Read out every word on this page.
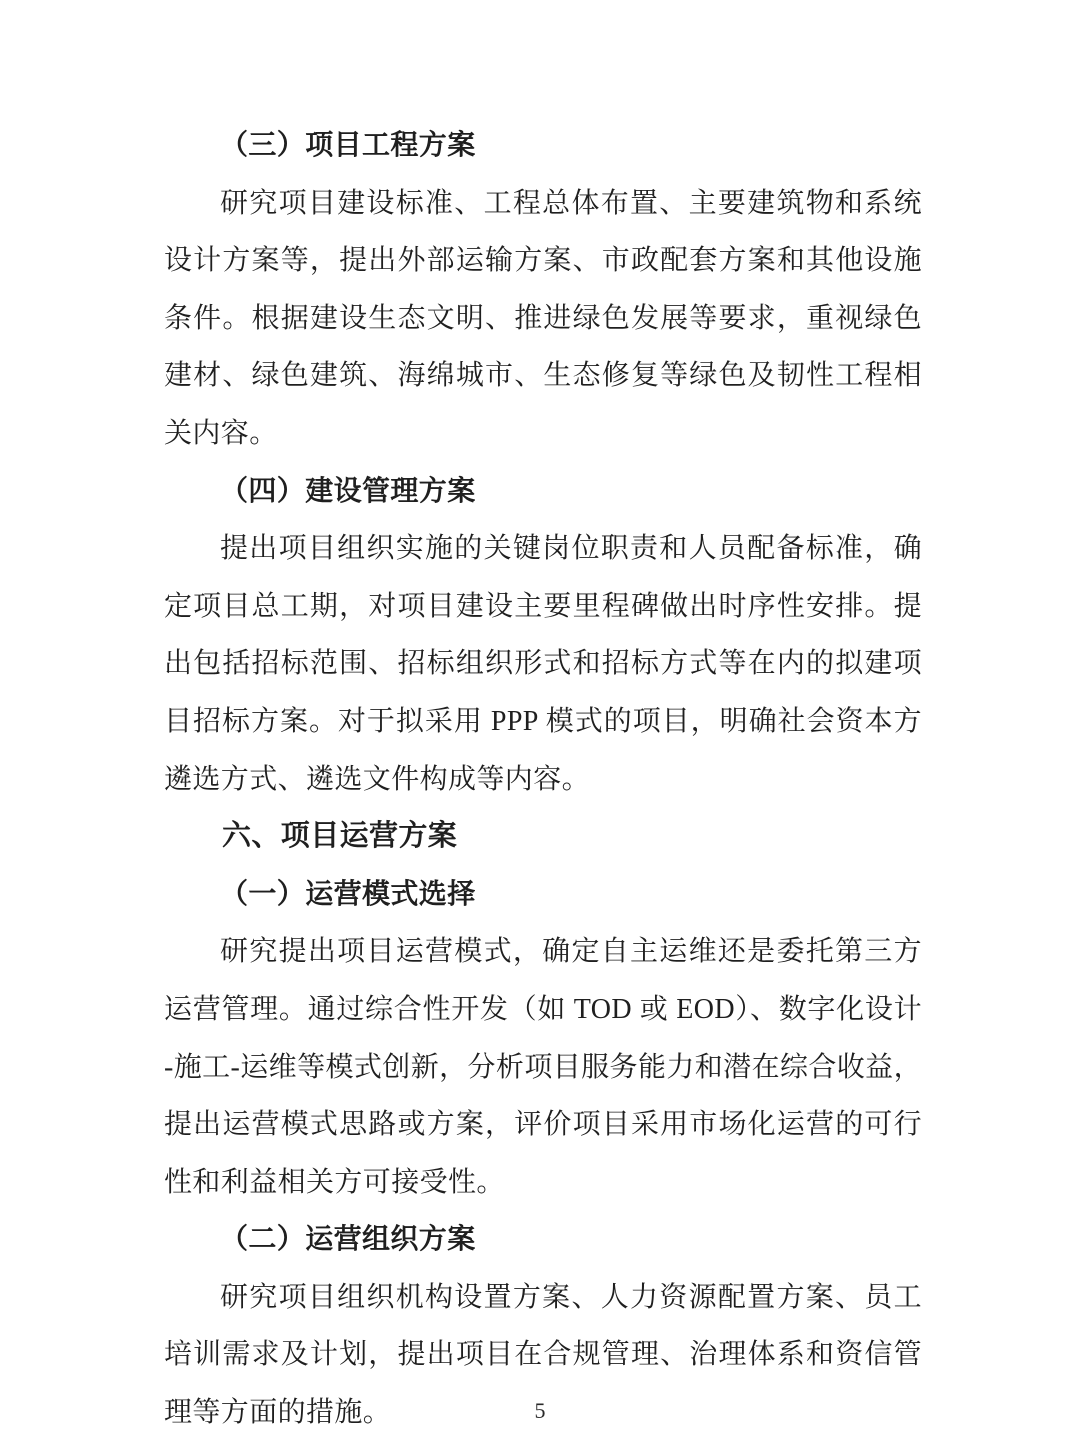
（三）项目工程方案
研究项目建设标准、工程总体布置、主要建筑物和系统设计方案等，提出外部运输方案、市政配套方案和其他设施条件。根据建设生态文明、推进绿色发展等要求，重视绿色建材、绿色建筑、海绵城市、生态修复等绿色及韧性工程相关内容。
（四）建设管理方案
提出项目组织实施的关键岗位职责和人员配备标准，确定项目总工期，对项目建设主要里程碑做出时序性安排。提出包括招标范围、招标组织形式和招标方式等在内的拟建项目招标方案。对于拟采用 PPP 模式的项目，明确社会资本方遴选方式、遴选文件构成等内容。
六、项目运营方案
（一）运营模式选择
研究提出项目运营模式，确定自主运维还是委托第三方运营管理。通过综合性开发（如 TOD 或 EOD）、数字化设计-施工-运维等模式创新，分析项目服务能力和潜在综合收益，提出运营模式思路或方案，评价项目采用市场化运营的可行性和利益相关方可接受性。
（二）运营组织方案
研究项目组织机构设置方案、人力资源配置方案、员工培训需求及计划，提出项目在合规管理、治理体系和资信管理等方面的措施。	5
